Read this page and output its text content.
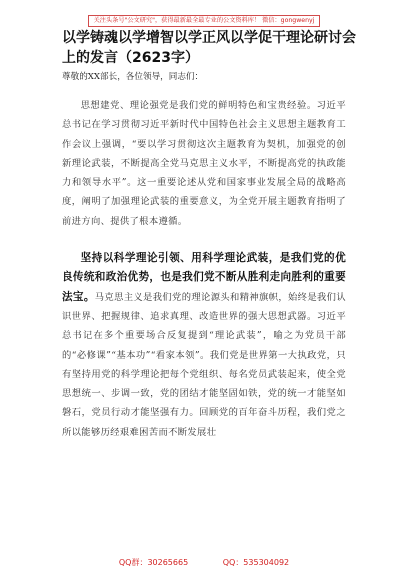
关注头条号"公文研究"，获得最新最全最专业的公文资料库！ 微信：gongwenyj
以学铸魂以学增智以学正风以学促干理论研讨会上的发言（2623字）
尊敬的XX部长，各位领导，同志们：

思想建党、理论强党是我们党的鲜明特色和宝贵经验。习近平总书记在学习贯彻习近平新时代中国特色社会主义思想主题教育工作会议上强调，“要以学习贯彻这次主题教育为契机，加强党的创新理论武装，不断提高全党马克思主义水平，不断提高党的执政能力和领导水平”。这一重要论述从党和国家事业发展全局的战略高度，阐明了加强理论武装的重要意义，为全党开展主题教育指明了前进方向、提供了根本遵循。

坚持以科学理论引领、用科学理论武装，是我们党的优良传统和政治优势，也是我们党不断从胜利走向胜利的重要法宝。马克思主义是我们党的理论源头和精神旗帜，始终是我们认识世界、把握规律、追求真理、改造世界的强大思想武器。习近平总书记在多个重要场合反复提到“理论武装”，喻之为党员干部的“必修课”“基本功”“看家本领”。我们党是世界第一大执政党，只有坚持用党的科学理论把每个党组织、每名党员武装起来，使全党思想统一、步调一致，党的团结才能坚固如铁，党的统一才能坚如磐石，党员行动才能坚强有力。回顾党的百年奋斗历程，我们党之所以能够历经艰难困苦而不断发展壮

QQ群：30265665	QQ：535304092
